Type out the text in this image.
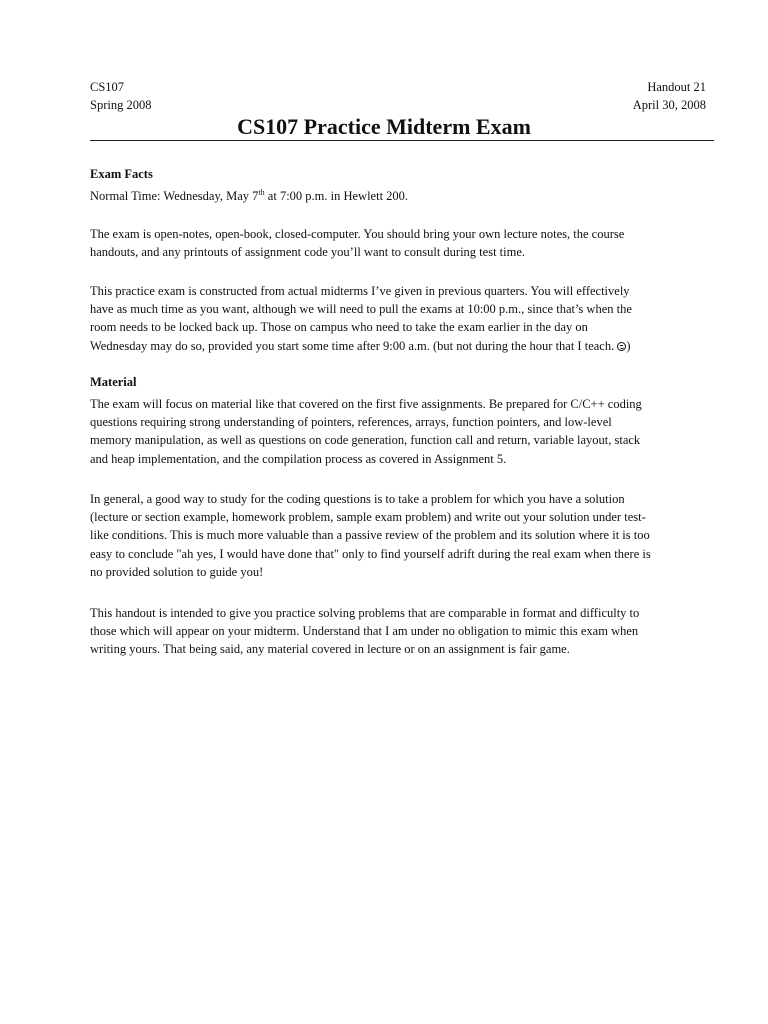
CS107
Spring 2008
Handout 21
April 30, 2008
CS107 Practice Midterm Exam
Exam Facts
Normal Time: Wednesday, May 7th at 7:00 p.m. in Hewlett 200.
The exam is open-notes, open-book, closed-computer. You should bring your own lecture notes, the course
handouts, and any printouts of assignment code you’ll want to consult during test time.
This practice exam is constructed from actual midterms I’ve given in previous quarters. You will effectively
have as much time as you want, although we will need to pull the exams at 10:00 p.m., since that’s when the
room needs to be locked back up. Those on campus who need to take the exam earlier in the day on
Wednesday may do so, provided you start some time after 9:00 a.m. (but not during the hour that I teach.
)
Material
The exam will focus on material like that covered on the first five assignments. Be prepared for C/C++ coding
questions requiring strong understanding of pointers, references, arrays, function pointers, and low-level
memory manipulation, as well as questions on code generation, function call and return, variable layout, stack
and heap implementation, and the compilation process as covered in Assignment 5.
In general, a good way to study for the coding questions is to take a problem for which you have a solution
(lecture or section example, homework problem, sample exam problem) and write out your solution under test-
like conditions. This is much more valuable than a passive review of the problem and its solution where it is too
easy to conclude "ah yes, I would have done that" only to find yourself adrift during the real exam when there is
no provided solution to guide you!
This handout is intended to give you practice solving problems that are comparable in format and difficulty to
those which will appear on your midterm. Understand that I am under no obligation to mimic this exam when
writing yours. That being said, any material covered in lecture or on an assignment is fair game.
